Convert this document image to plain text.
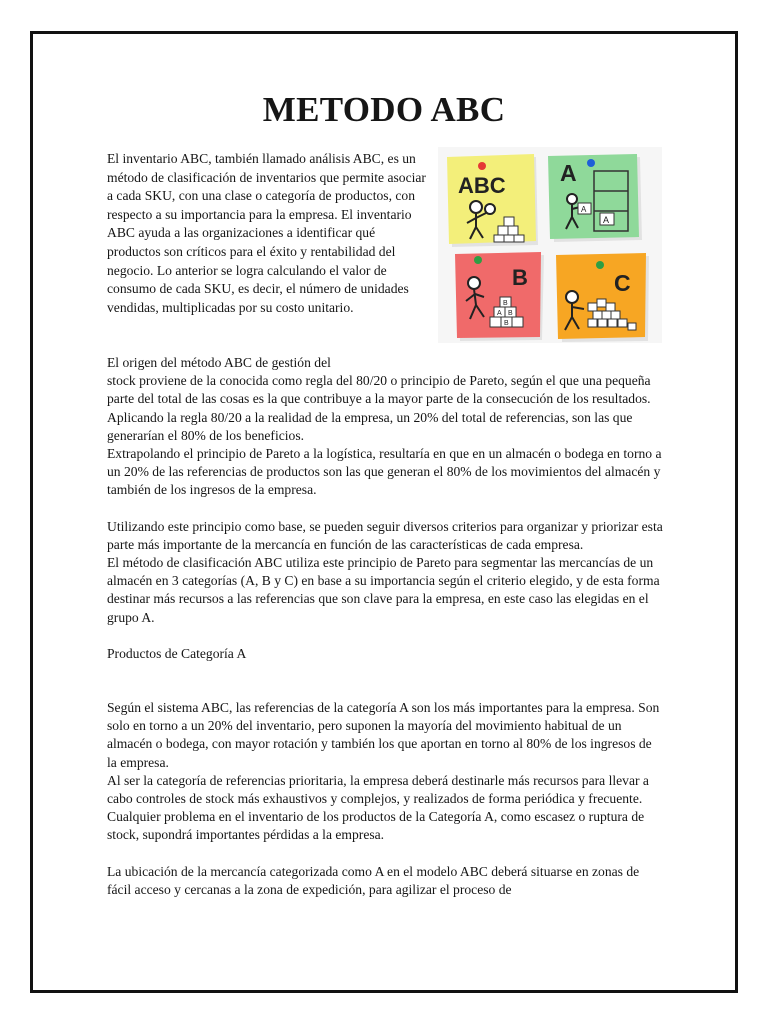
METODO ABC

El inventario ABC, también llamado análisis ABC, es un método de clasificación de inventarios que permite asociar a cada SKU, con una clase o categoría de productos, con respecto a su importancia para la empresa. El inventario ABC ayuda a las organizaciones a identificar qué productos son críticos para el éxito y rentabilidad del negocio. Lo anterior se logra calculando el valor de consumo de cada SKU, es decir, el número de unidades vendidas, multiplicadas por su costo unitario.

ABC A
A
A
B
B
A B
B
C

El origen del método ABC de gestión del
stock proviene de la conocida como regla del 80/20 o principio de Pareto, según el que una pequeña parte del total de las cosas es la que contribuye a la mayor parte de la consecución de los resultados. Aplicando la regla 80/20 a la realidad de la empresa, un 20% del total de referencias, son las que generarían el 80% de los beneficios.

Extrapolando el principio de Pareto a la logística, resultaría en que en un almacén o bodega en torno a un 20% de las referencias de productos son las que generan el 80% de los movimientos del almacén y también de los ingresos de la empresa.

Utilizando este principio como base, se pueden seguir diversos criterios para organizar y priorizar esta parte más importante de la mercancía en función de las características de cada empresa.

El método de clasificación ABC utiliza este principio de Pareto para segmentar las mercancías de un almacén en 3 categorías (A, B y C) en base a su importancia según el criterio elegido, y de esta forma destinar más recursos a las referencias que son clave para la empresa, en este caso las elegidas en el grupo A.

Productos de Categoría A

Según el sistema ABC, las referencias de la categoría A son los más importantes para la empresa. Son solo en torno a un 20% del inventario, pero suponen la mayoría del movimiento habitual de un almacén o bodega, con mayor rotación y también los que aportan en torno al 80% de los ingresos de la empresa.

Al ser la categoría de referencias prioritaria, la empresa deberá destinarle más recursos para llevar a cabo controles de stock más exhaustivos y complejos, y realizados de forma periódica y frecuente.

Cualquier problema en el inventario de los productos de la Categoría A, como escasez o ruptura de stock, supondrá importantes pérdidas a la empresa.

La ubicación de la mercancía categorizada como A en el modelo ABC deberá situarse en zonas de fácil acceso y cercanas a la zona de expedición, para agilizar el proceso de
